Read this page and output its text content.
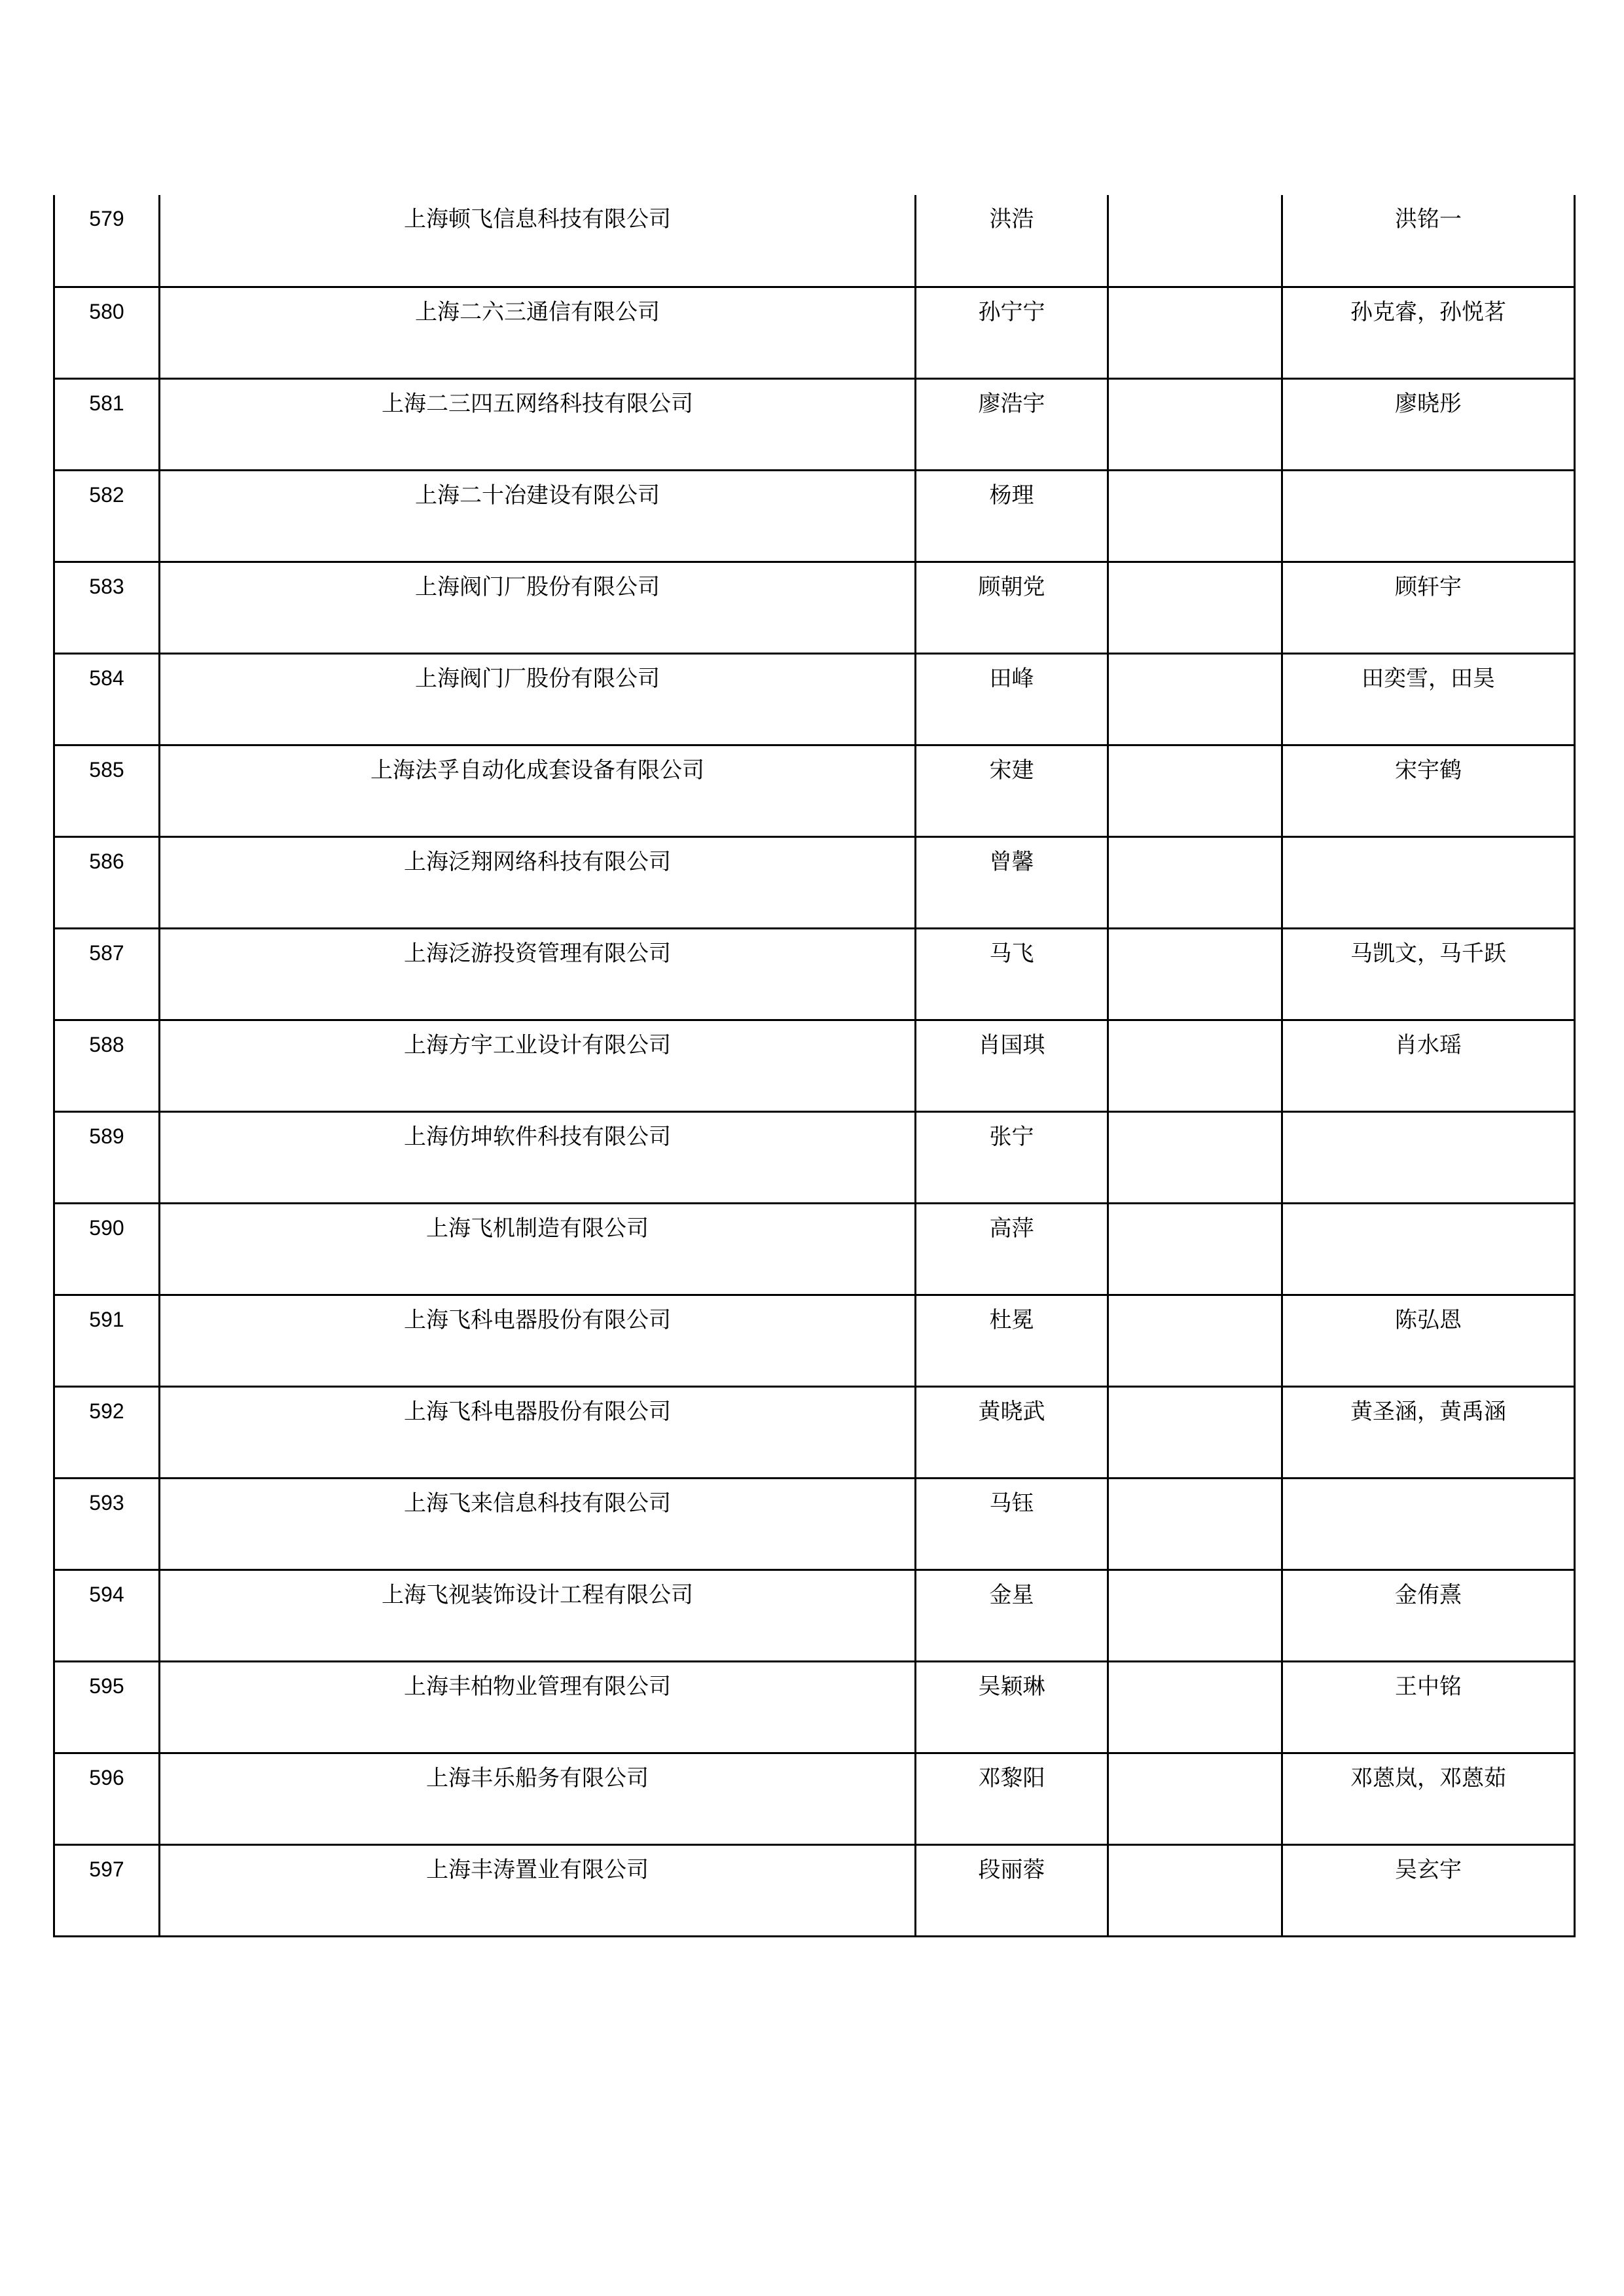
579	上海顿飞信息科技有限公司	洪浩		洪铭一
580	上海二六三通信有限公司	孙宁宁		孙克睿，孙悦茗
581	上海二三四五网络科技有限公司	廖浩宇		廖晓彤
582	上海二十冶建设有限公司	杨理		
583	上海阀门厂股份有限公司	顾朝党		顾轩宇
584	上海阀门厂股份有限公司	田峰		田奕雪，田昊
585	上海法孚自动化成套设备有限公司	宋建		宋宇鹤
586	上海泛翔网络科技有限公司	曾馨		
587	上海泛游投资管理有限公司	马飞		马凯文，马千跃
588	上海方宇工业设计有限公司	肖国琪		肖水瑶
589	上海仿坤软件科技有限公司	张宁		
590	上海飞机制造有限公司	高萍		
591	上海飞科电器股份有限公司	杜冕		陈弘恩
592	上海飞科电器股份有限公司	黄晓武		黄圣涵，黄禹涵
593	上海飞来信息科技有限公司	马钰		
594	上海飞视装饰设计工程有限公司	金星		金侑熹
595	上海丰柏物业管理有限公司	吴颖琳		王中铭
596	上海丰乐船务有限公司	邓黎阳		邓蒽岚，邓蒽茹
597	上海丰涛置业有限公司	段丽蓉		吴玄宇
